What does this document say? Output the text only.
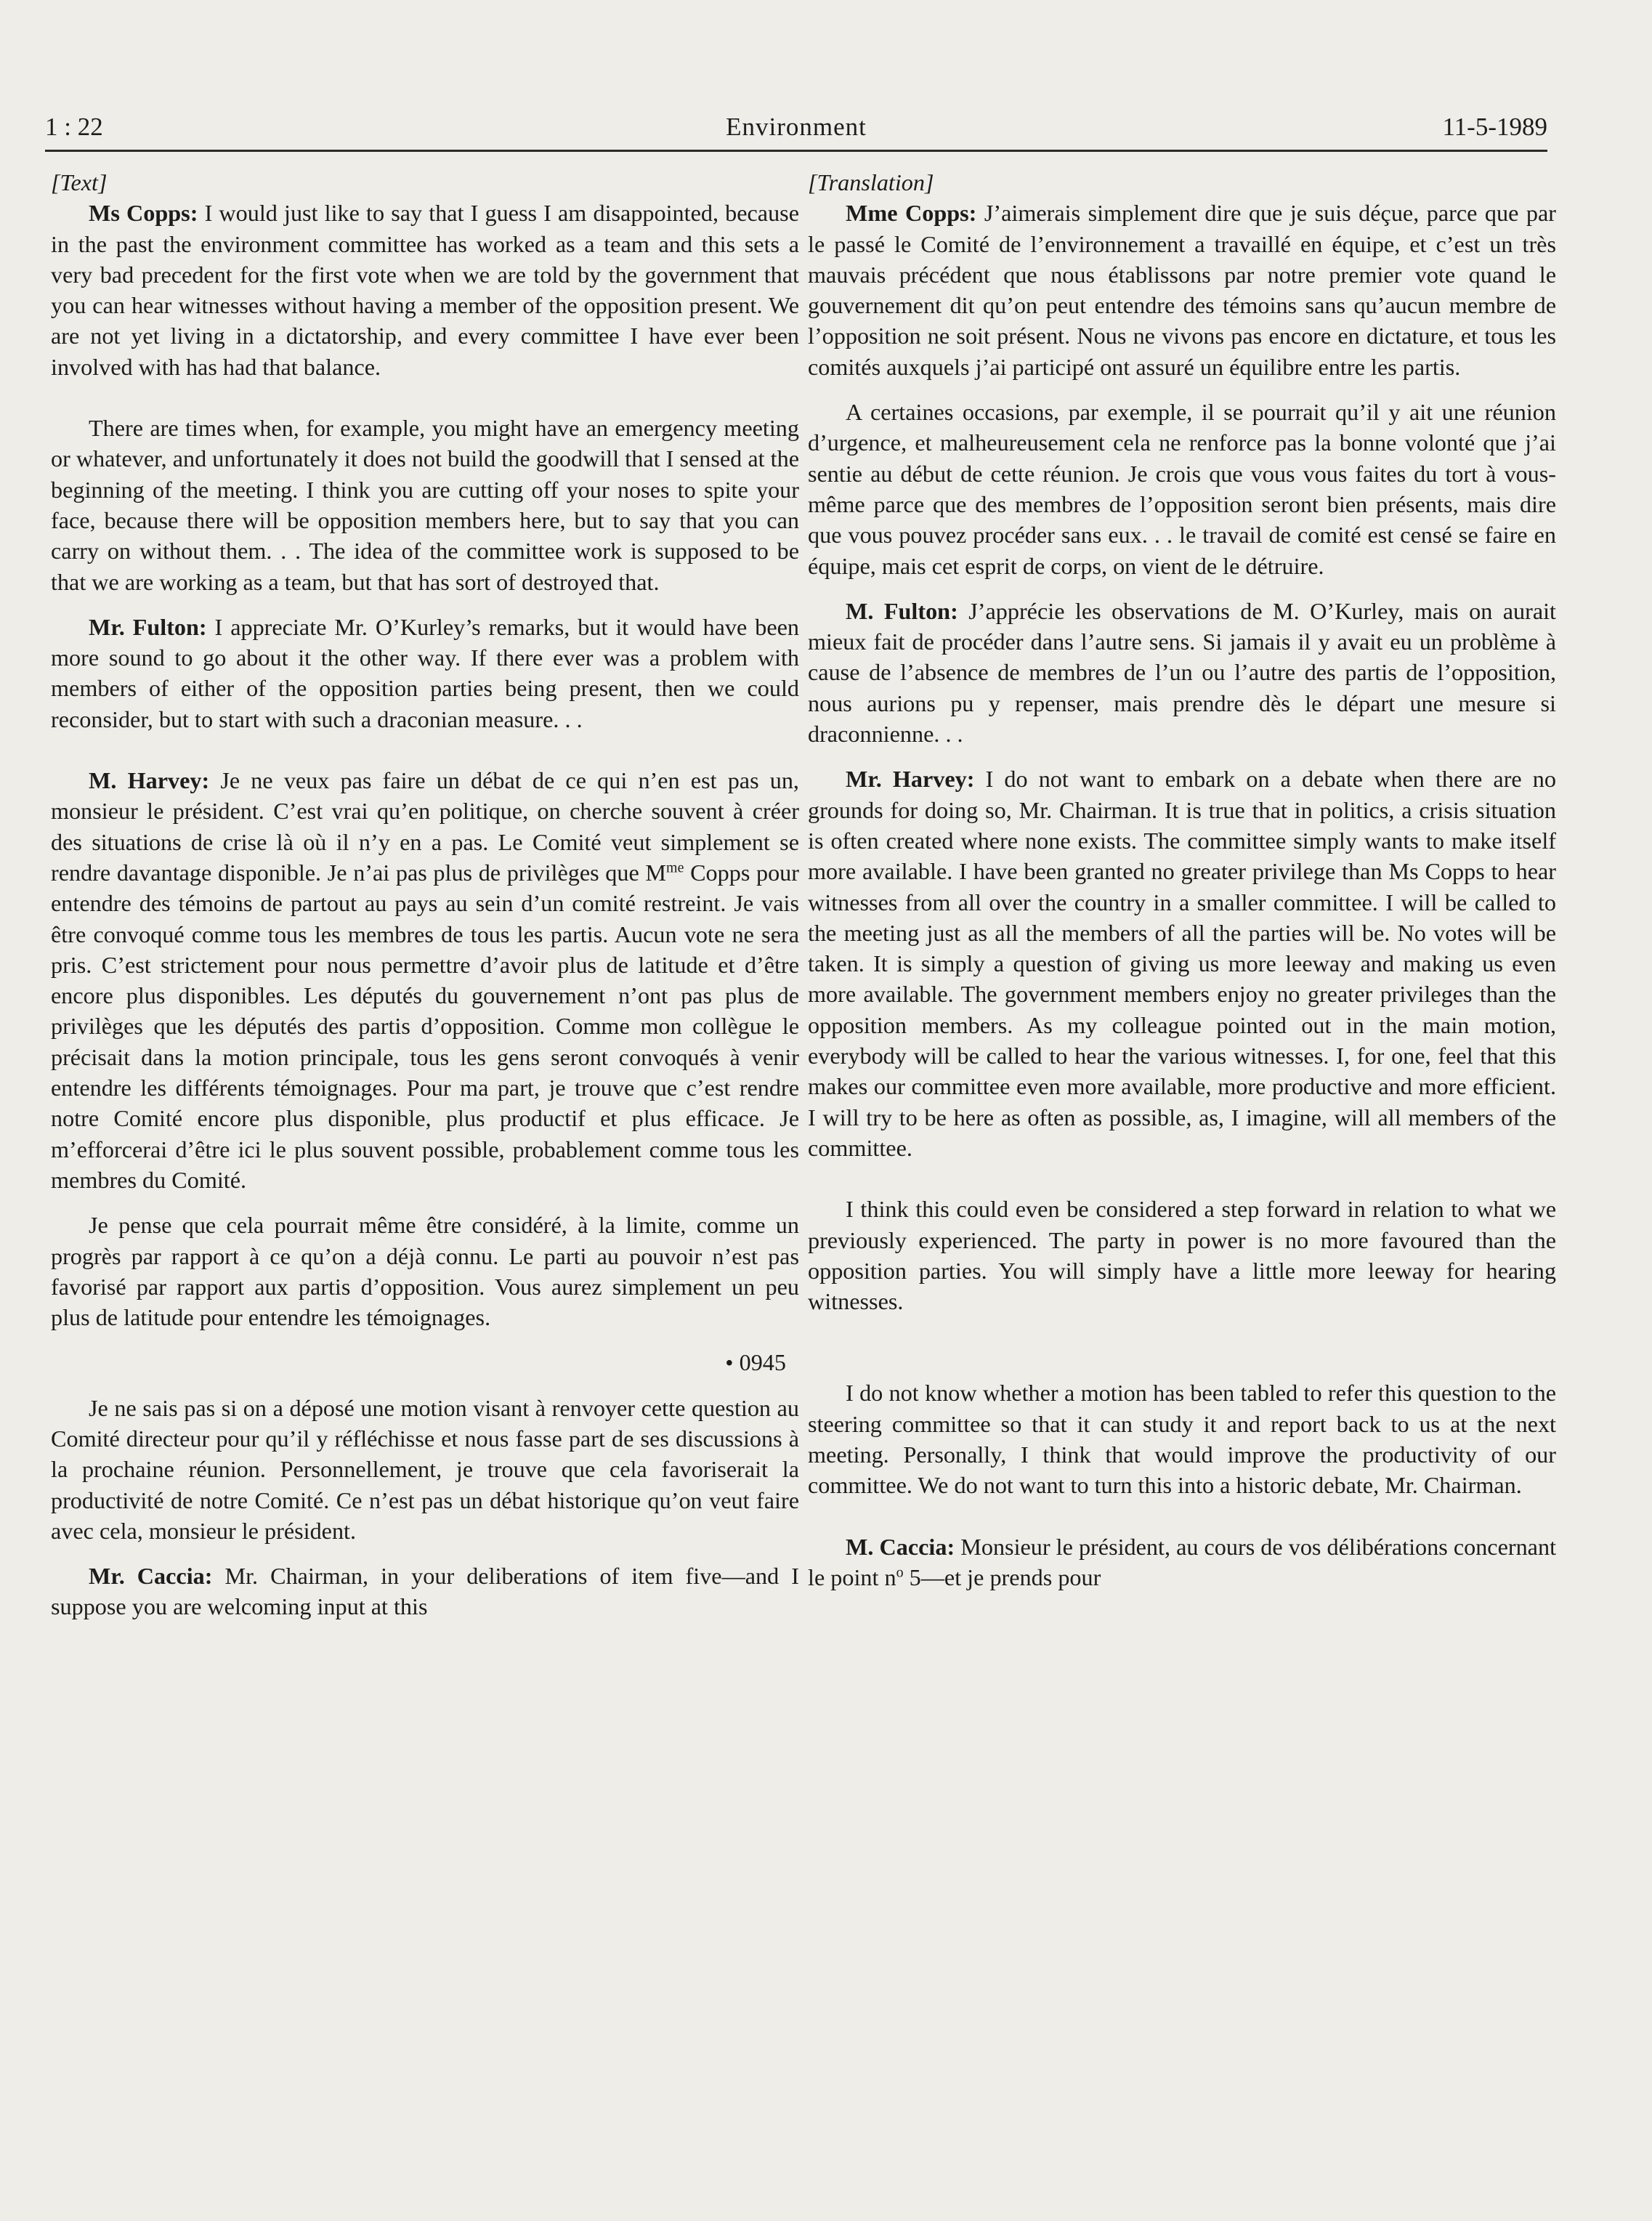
1 : 22	Environment	11-5-1989

[Text]

Ms Copps: I would just like to say that I guess I am disappointed, because in the past the environment committee has worked as a team and this sets a very bad precedent for the first vote when we are told by the government that you can hear witnesses without having a member of the opposition present. We are not yet living in a dictatorship, and every committee I have ever been involved with has had that balance.

There are times when, for example, you might have an emergency meeting or whatever, and unfortunately it does not build the goodwill that I sensed at the beginning of the meeting. I think you are cutting off your noses to spite your face, because there will be opposition members here, but to say that you can carry on without them. . . The idea of the committee work is supposed to be that we are working as a team, but that has sort of destroyed that.

Mr. Fulton: I appreciate Mr. O’Kurley’s remarks, but it would have been more sound to go about it the other way. If there ever was a problem with members of either of the opposition parties being present, then we could reconsider, but to start with such a draconian measure. . .

M. Harvey: Je ne veux pas faire un débat de ce qui n’en est pas un, monsieur le président. C’est vrai qu’en politique, on cherche souvent à créer des situations de crise là où il n’y en a pas. Le Comité veut simplement se rendre davantage disponible. Je n’ai pas plus de privilèges que $M^{me}$ Copps pour entendre des témoins de partout au pays au sein d’un comité restreint. Je vais être convoqué comme tous les membres de tous les partis. Aucun vote ne sera pris. C’est strictement pour nous permettre d’avoir plus de latitude et d’être encore plus disponibles. Les députés du gouvernement n’ont pas plus de privilèges que les députés des partis d’opposition. Comme mon collègue le précisait dans la motion principale, tous les gens seront convoqués à venir entendre les différents témoignages. Pour ma part, je trouve que c’est rendre notre Comité encore plus disponible, plus productif et plus efficace. Je m’efforcerai d’être ici le plus souvent possible, probablement comme tous les membres du Comité.

Je pense que cela pourrait même être considéré, à la limite, comme un progrès par rapport à ce qu’on a déjà connu. Le parti au pouvoir n’est pas favorisé par rapport aux partis d’opposition. Vous aurez simplement un peu plus de latitude pour entendre les témoignages.

• 0945

Je ne sais pas si on a déposé une motion visant à renvoyer cette question au Comité directeur pour qu’il y réfléchisse et nous fasse part de ses discussions à la prochaine réunion. Personnellement, je trouve que cela favoriserait la productivité de notre Comité. Ce n’est pas un débat historique qu’on veut faire avec cela, monsieur le président.

Mr. Caccia: Mr. Chairman, in your deliberations of item five—and I suppose you are welcoming input at this

[Translation]

Mme Copps: J’aimerais simplement dire que je suis déçue, parce que par le passé le Comité de l’environnement a travaillé en équipe, et c’est un très mauvais précédent que nous établissons par notre premier vote quand le gouvernement dit qu’on peut entendre des témoins sans qu’aucun membre de l’opposition ne soit présent. Nous ne vivons pas encore en dictature, et tous les comités auxquels j’ai participé ont assuré un équilibre entre les partis.

A certaines occasions, par exemple, il se pourrait qu’il y ait une réunion d’urgence, et malheureusement cela ne renforce pas la bonne volonté que j’ai sentie au début de cette réunion. Je crois que vous vous faites du tort à vous-même parce que des membres de l’opposition seront bien présents, mais dire que vous pouvez procéder sans eux. . . le travail de comité est censé se faire en équipe, mais cet esprit de corps, on vient de le détruire.

M. Fulton: J’apprécie les observations de M. O’Kurley, mais on aurait mieux fait de procéder dans l’autre sens. Si jamais il y avait eu un problème à cause de l’absence de membres de l’un ou l’autre des partis de l’opposition, nous aurions pu y repenser, mais prendre dès le départ une mesure si draconnienne. . .

Mr. Harvey: I do not want to embark on a debate when there are no grounds for doing so, Mr. Chairman. It is true that in politics, a crisis situation is often created where none exists. The committee simply wants to make itself more available. I have been granted no greater privilege than Ms Copps to hear witnesses from all over the country in a smaller committee. I will be called to the meeting just as all the members of all the parties will be. No votes will be taken. It is simply a question of giving us more leeway and making us even more available. The government members enjoy no greater privileges than the opposition members. As my colleague pointed out in the main motion, everybody will be called to hear the various witnesses. I, for one, feel that this makes our committee even more available, more productive and more efficient. I will try to be here as often as possible, as, I imagine, will all members of the committee.

I think this could even be considered a step forward in relation to what we previously experienced. The party in power is no more favoured than the opposition parties. You will simply have a little more leeway for hearing witnesses.

I do not know whether a motion has been tabled to refer this question to the steering committee so that it can study it and report back to us at the next meeting. Personally, I think that would improve the productivity of our committee. We do not want to turn this into a historic debate, Mr. Chairman.

M. Caccia: Monsieur le président, au cours de vos délibérations concernant le point $n^o$ 5—et je prends pour
